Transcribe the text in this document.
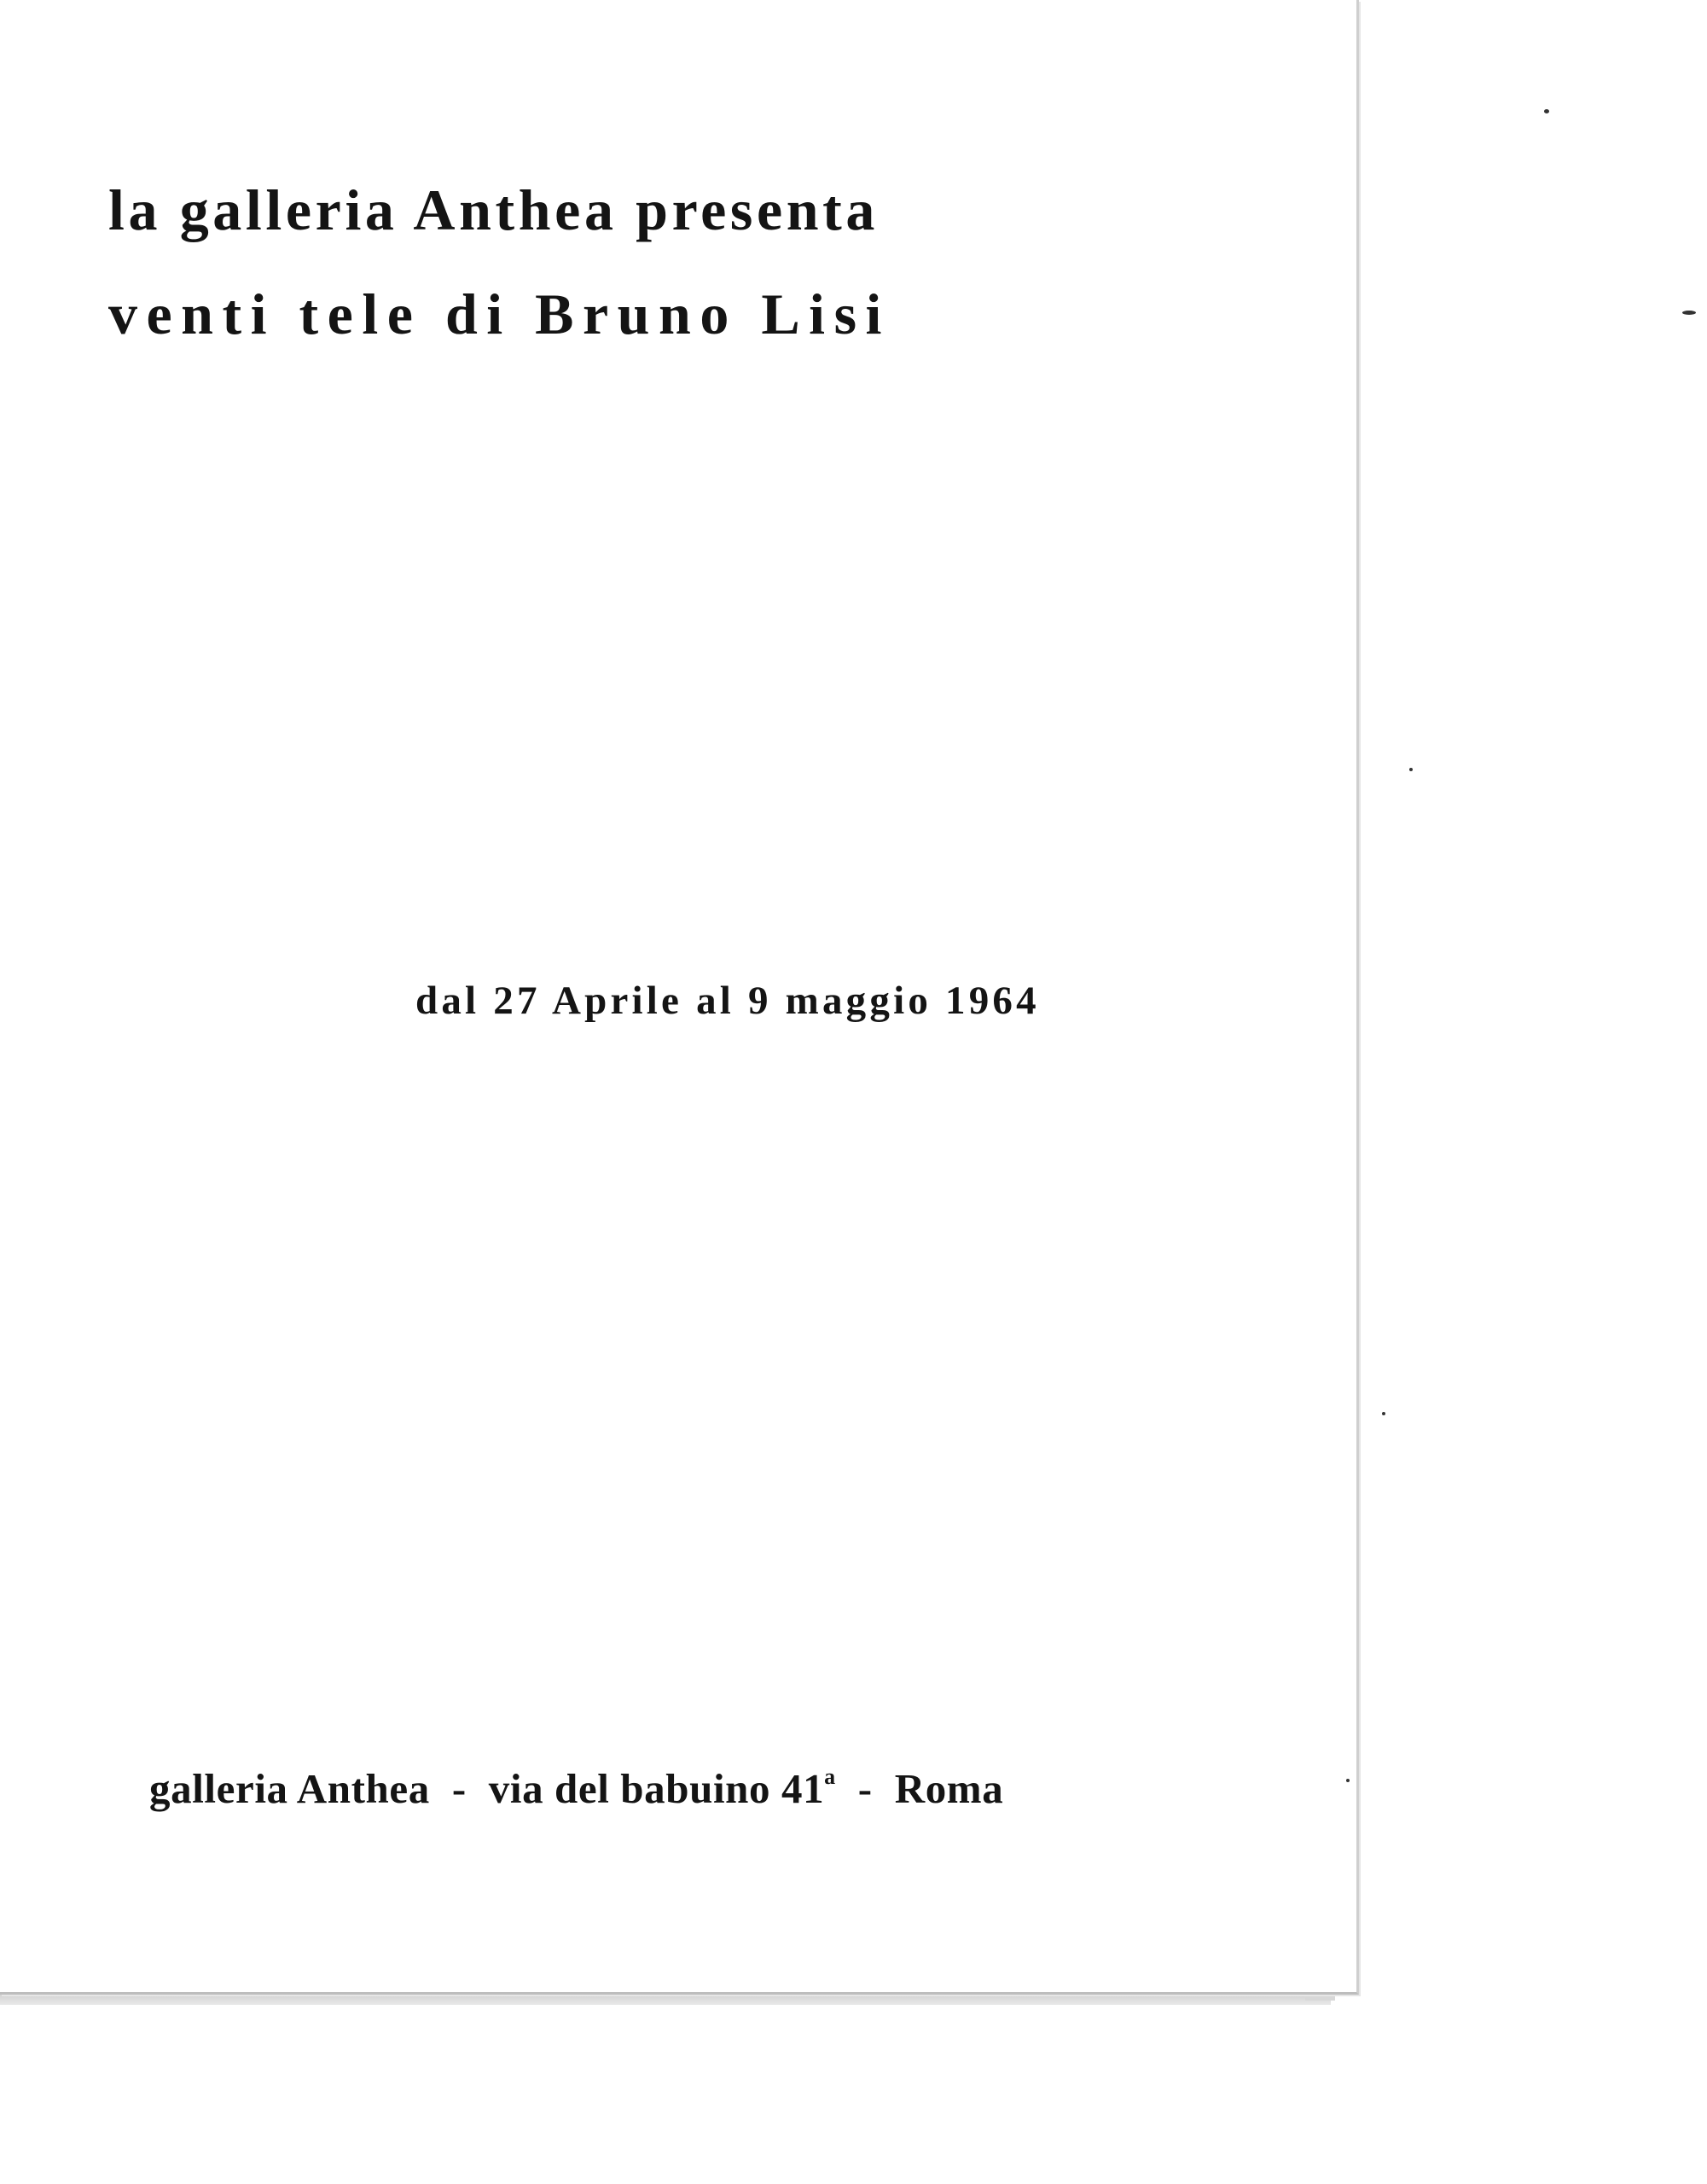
la galleria Anthea presenta
venti tele di Bruno Lisi

dal 27 Aprile al 9 maggio 1964

galleria Anthea - via del babuino 41$^a$ - Roma
